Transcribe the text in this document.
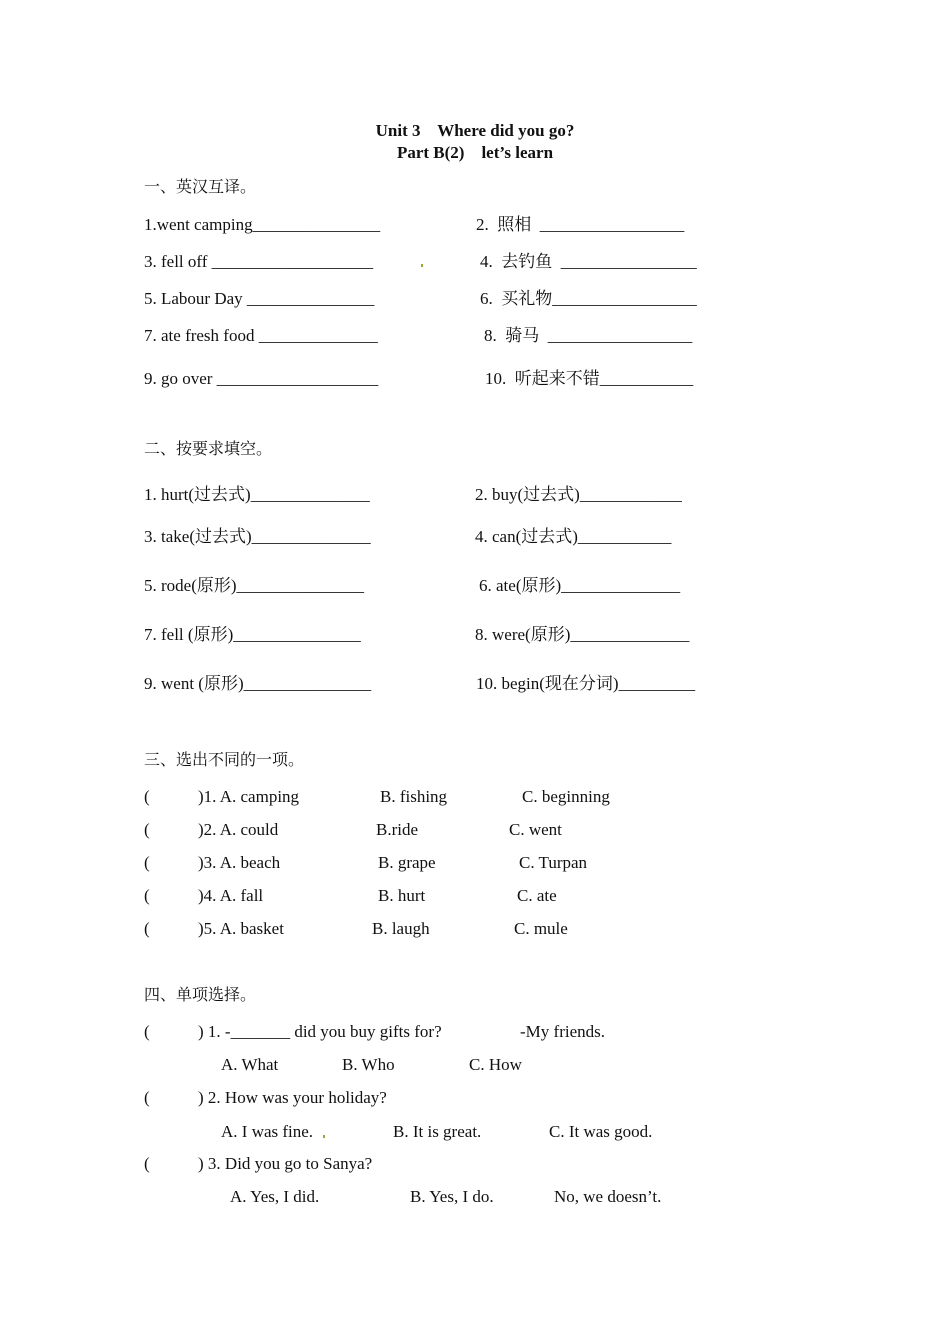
Unit 3    Where did you go?
Part B(2)    let’s learn
一、英汉互译。
1.went camping_______________	2.  照相  _________________
3. fell off ___________________	4.  去钓鱼  ________________
5. Labour Day _______________	6.  买礼物_________________
7. ate fresh food ______________	8.  骑马  _________________
9. go over ___________________	10.  听起来不错___________
二、按要求填空。
1. hurt(过去式)______________	2. buy(过去式)____________
3. take(过去式)______________	4. can(过去式)___________
5. rode(原形)_______________	6. ate(原形)______________
7. fell (原形)_______________	8. were(原形)______________
9. went (原形)_______________	10. begin(现在分词)_________
三、选出不同的一项。
(	)1. A. camping	B. fishing	C. beginning
(	)2. A. could	B.ride	C. went
(	)3. A. beach	B. grape	C. Turpan
(	)4. A. fall	B. hurt	C. ate
(	)5. A. basket	B. laugh	C. mule
四、单项选择。
(	) 1. -_______ did you buy gifts for?	-My friends.
A. What	B. Who	C. How
(	) 2. How was your holiday?
A. I was fine.	B. It is great.	C. It was good.
(	) 3. Did you go to Sanya?
A. Yes, I did.	B. Yes, I do.	No, we doesn’t.
